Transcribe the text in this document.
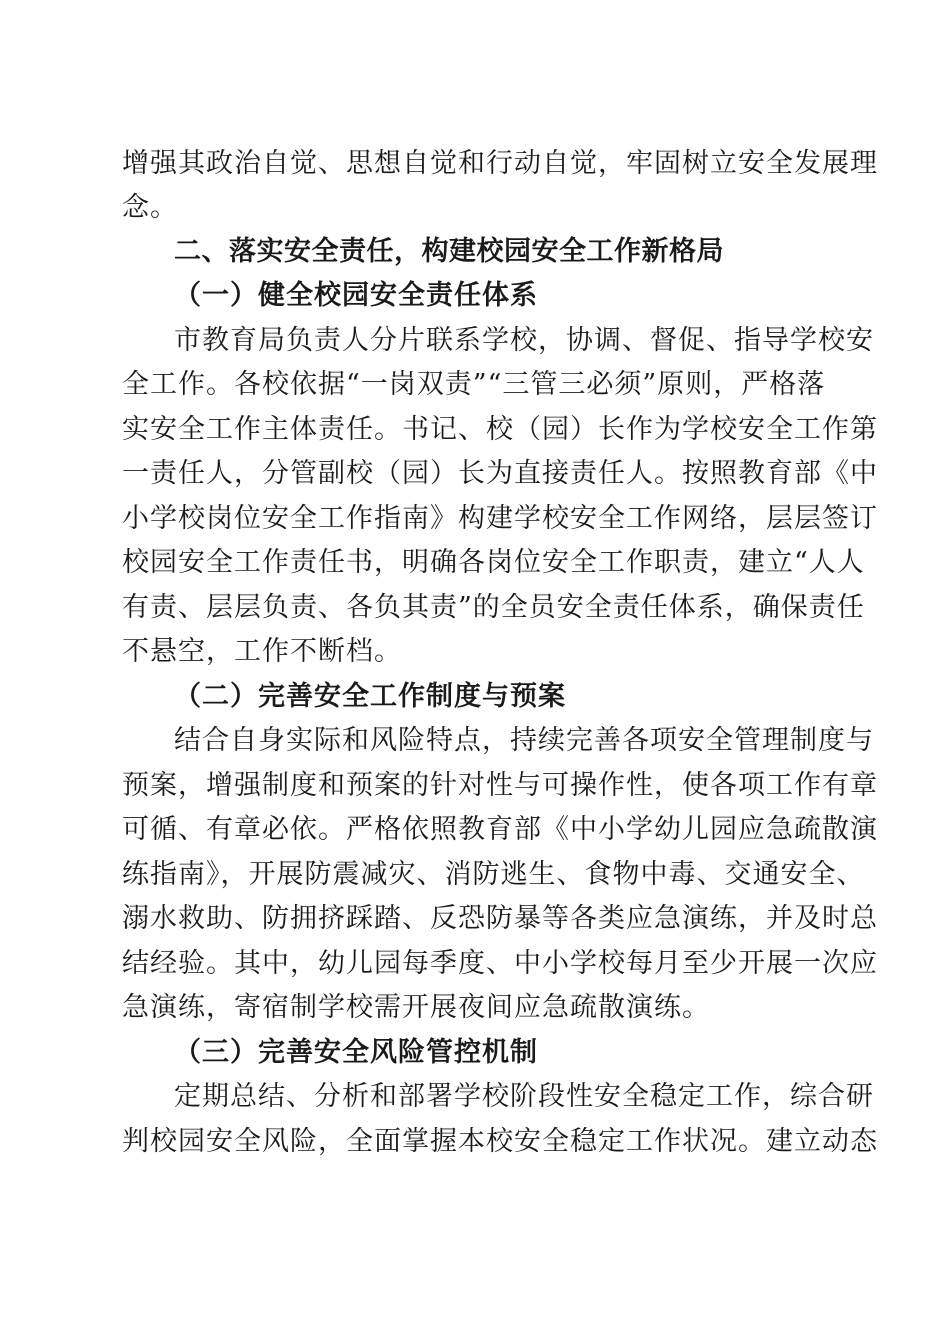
增强其政治自觉、思想自觉和行动自觉，牢固树立安全发展理
念。
二、落实安全责任，构建校园安全工作新格局
（一）健全校园安全责任体系
市教育局负责人分片联系学校，协调、督促、指导学校安
全工作。各校依据“一岗双责”“三管三必须”原则，严格落
实安全工作主体责任。书记、校（园）长作为学校安全工作第
一责任人，分管副校（园）长为直接责任人。按照教育部《中
小学校岗位安全工作指南》构建学校安全工作网络，层层签订
校园安全工作责任书，明确各岗位安全工作职责，建立“人人
有责、层层负责、各负其责”的全员安全责任体系，确保责任
不悬空，工作不断档。
（二）完善安全工作制度与预案
结合自身实际和风险特点，持续完善各项安全管理制度与
预案，增强制度和预案的针对性与可操作性，使各项工作有章
可循、有章必依。严格依照教育部《中小学幼儿园应急疏散演
练指南》，开展防震减灾、消防逃生、食物中毒、交通安全、
溺水救助、防拥挤踩踏、反恐防暴等各类应急演练，并及时总
结经验。其中，幼儿园每季度、中小学校每月至少开展一次应
急演练，寄宿制学校需开展夜间应急疏散演练。
（三）完善安全风险管控机制
定期总结、分析和部署学校阶段性安全稳定工作，综合研
判校园安全风险，全面掌握本校安全稳定工作状况。建立动态
